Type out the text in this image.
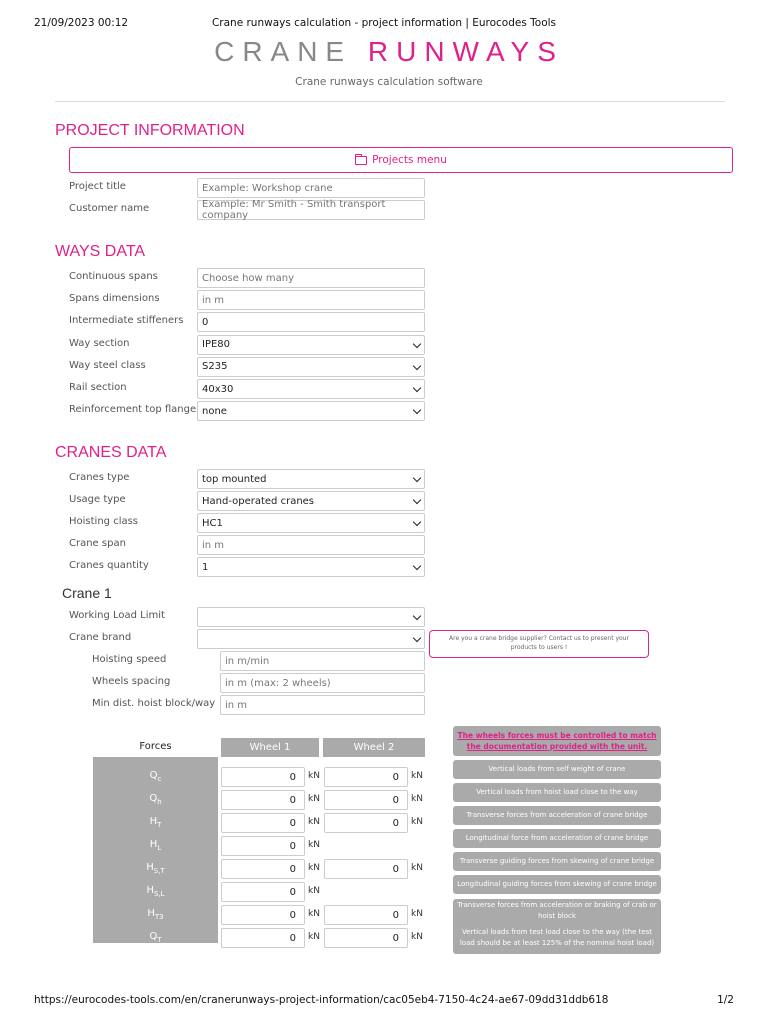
21/09/2023 00:12	Crane runways calculation - project information | Eurocodes Tools
CRANE RUNWAYS
Crane runways calculation software
PROJECT INFORMATION
Projects menu
Project title	Example: Workshop crane
Customer name	Example: Mr Smith - Smith transport company
WAYS DATA
Continuous spans	Choose how many
Spans dimensions	in m
Intermediate stiffeners 0
Way section	IPE80
Way steel class	S235
Rail section	40x30
Reinforcement top flange none
CRANES DATA
Cranes type	top mounted
Usage type	Hand-operated cranes
Hoisting class	HC1
Crane span	in m
Cranes quantity	1
Crane 1
Working Load Limit
Crane brand
Hoisting speed	in m/min
Wheels spacing	in m (max: 2 wheels)
Min dist. hoist block/way in m
Are you a crane bridge supplier? Contact us to present your products to users !
Forces	Wheel 1	Wheel 2
$Q_c$	0	kN	0	kN
$Q_h$	0	kN	0	kN
$H_T$	0	kN	0	kN
$H_L$	0	kN
$H_{S,T}$	0	kN	0	kN
$H_{S,L}$	0	kN
$H_{T3}$	0	kN	0	kN
$Q_T$	0	kN	0	kN
Vertical loads from self weight of crane
Vertical loads from hoist load close to the way
Transverse forces from acceleration of crane bridge
Longitudinal force from acceleration of crane bridge
Transverse guiding forces from skewing of crane bridge
Longitudinal guiding forces from skewing of crane bridge
Transverse forces from acceleration or braking of crab or hoist block
Vertical loads from test load close to the way (the test load should be at least 125% of the nominal hoist load)
The wheels forces must be controlled to match the documentation provided with the unit.
https://eurocodes-tools.com/en/cranerunways-project-information/cac05eb4-7150-4c24-ae67-09dd31ddb618	1/2
